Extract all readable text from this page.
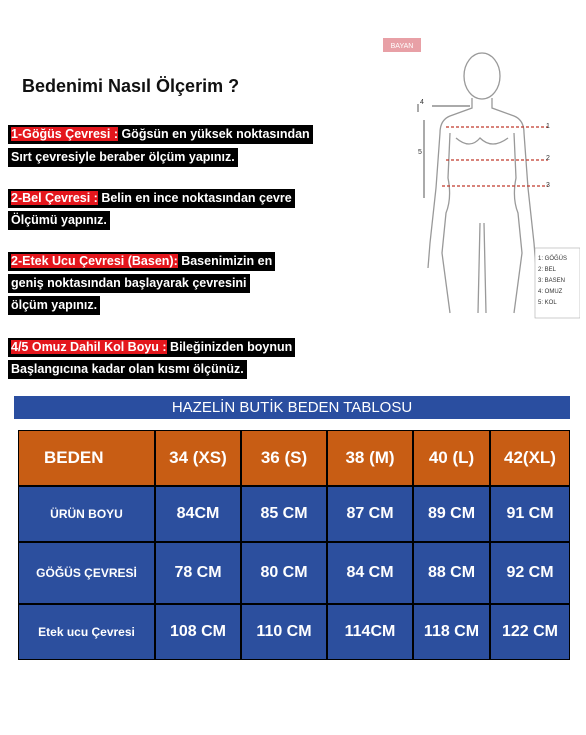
Bedenimi Nasıl Ölçerim ?
1-Göğüs Çevresi : Göğsün en yüksek noktasından
Sırt çevresiyle beraber ölçüm yapınız.
2-Bel Çevresi : Belin en ince noktasından çevre
Ölçümü yapınız.
2-Etek Ucu Çevresi (Basen): Basenimizin en
geniş noktasından başlayarak çevresini
ölçüm yapınız.
4/5 Omuz Dahil Kol Boyu : Bileğinizden boynun
Başlangıcına kadar olan kısmı ölçünüz.
BAYAN
1
2
3
4
5
1: GÖĞÜS
2: BEL
3: BASEN
4: OMUZ
5: KOL
HAZELİN BUTİK BEDEN TABLOSU
BEDEN	34 (XS)	36 (S)	38 (M)	40 (L)	42(XL)
ÜRÜN BOYU	84CM	85 CM	87 CM	89 CM	91 CM
GÖĞÜS ÇEVRESİ	78 CM	80 CM	84 CM	88 CM	92 CM
Etek ucu Çevresi	108 CM	110 CM	114CM	118 CM	122 CM
